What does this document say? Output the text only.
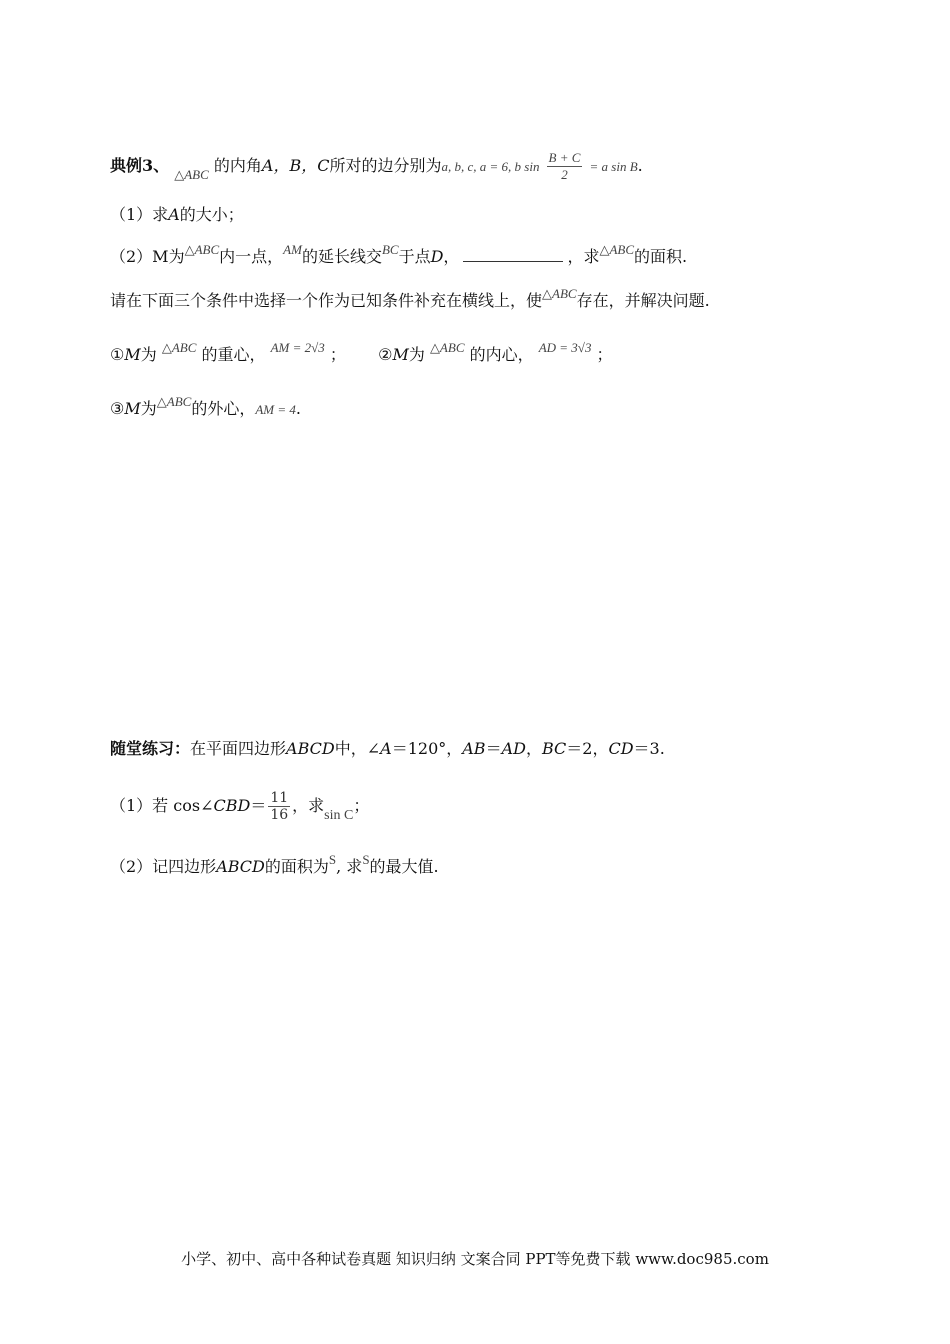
典例3、 $_{\triangle ABC}$ 的内角A，B，C所对的边分别为a, b, c, a = 6, b $\sin \frac{B + C}{2} = a$ sin B.
（1）求A的大小；
（2）M为$^{\triangle ABC}$内一点，$^{AM}$的延长线交$^{BC}$于点D，	，求$^{\triangle ABC}$的面积.
请在下面三个条件中选择一个作为已知条件补充在横线上，使$^{\triangle ABC}$存在，并解决问题.
①M为 $^{\triangle ABC}$ 的重心， $^{AM = 2√3}$ ； ②M为 $^{\triangle ABC}$ 的内心， $^{AD = 3√3}$ ；
③M为$^{\triangle ABC}$的外心，AM = 4.
随堂练习：在平面四边形ABCD中，∠A＝120°，AB＝AD，BC＝2，CD＝3.
（1）若 cos∠CBD＝ $\frac{11}{16}$ ，求sin C；
（2）记四边形ABCD的面积为$^S$, 求$^S$的最大值.
小学、初中、高中各种试卷真题 知识归纳 文案合同 PPT等免费下载 www.doc985.com
